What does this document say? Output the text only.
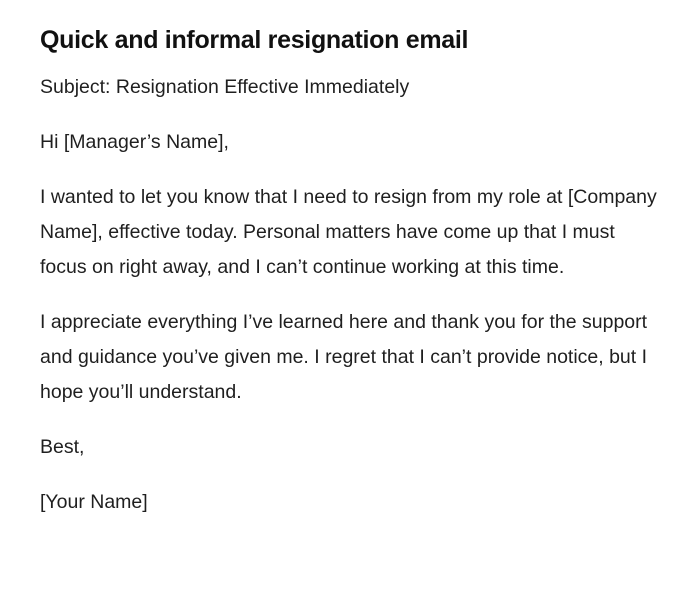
Quick and informal resignation email

Subject: Resignation Effective Immediately

Hi [Manager’s Name],

I wanted to let you know that I need to resign from my role at [Company Name], effective today. Personal matters have come up that I must focus on right away, and I can’t continue working at this time.

I appreciate everything I’ve learned here and thank you for the support and guidance you’ve given me. I regret that I can’t provide notice, but I hope you’ll understand.

Best,

[Your Name]
